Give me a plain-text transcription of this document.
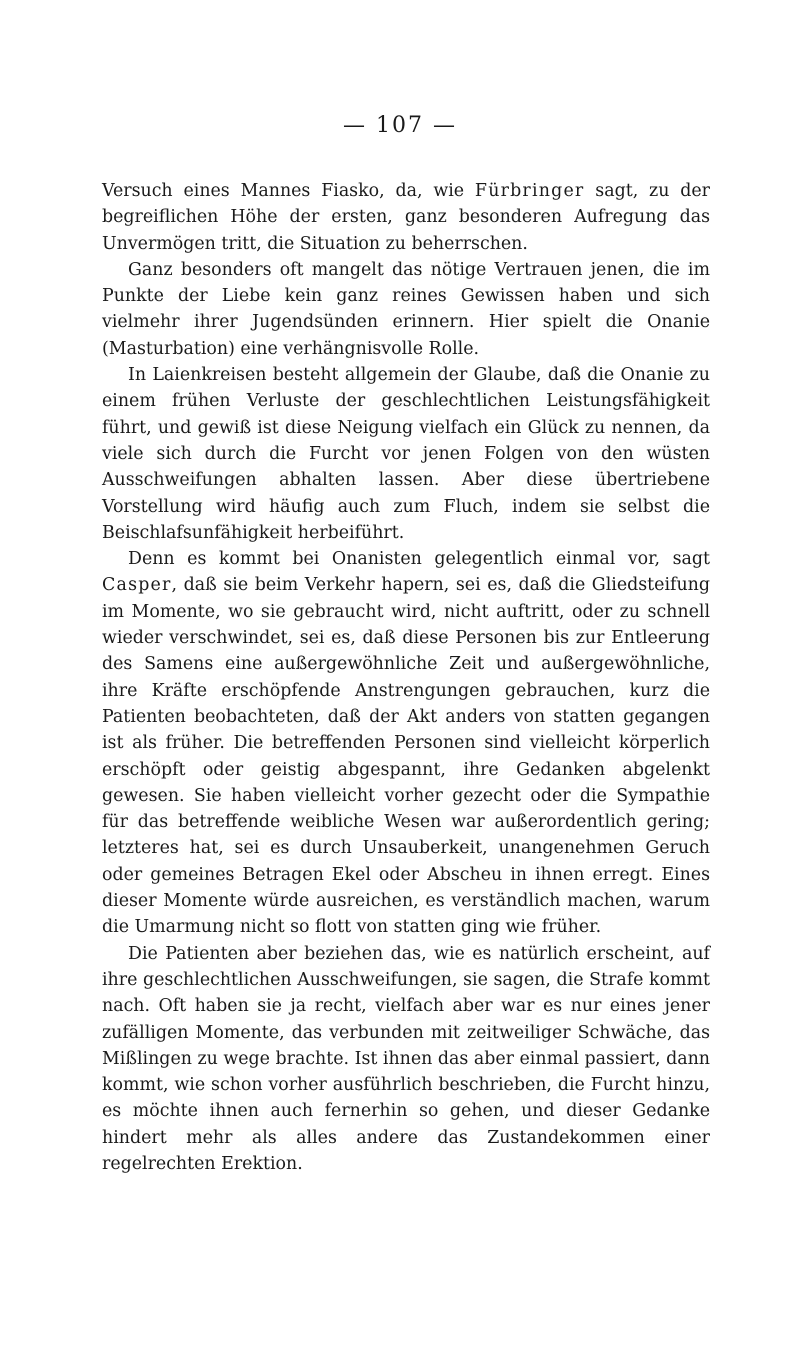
— 107 —

Versuch eines Mannes Fiasko, da, wie Fürbringer sagt, zu der begreiflichen Höhe der ersten, ganz besonderen Aufregung das Unvermögen tritt, die Situation zu beherrschen.

Ganz besonders oft mangelt das nötige Vertrauen jenen, die im Punkte der Liebe kein ganz reines Gewissen haben und sich vielmehr ihrer Jugendsünden erinnern. Hier spielt die Onanie (Masturbation) eine verhängnisvolle Rolle.

In Laienkreisen besteht allgemein der Glaube, daß die Onanie zu einem frühen Verluste der geschlechtlichen Leistungsfähigkeit führt, und gewiß ist diese Neigung vielfach ein Glück zu nennen, da viele sich durch die Furcht vor jenen Folgen von den wüsten Ausschweifungen abhalten lassen. Aber diese übertriebene Vorstellung wird häufig auch zum Fluch, indem sie selbst die Beischlafsunfähigkeit herbeiführt.

Denn es kommt bei Onanisten gelegentlich einmal vor, sagt Casper, daß sie beim Verkehr hapern, sei es, daß die Gliedsteifung im Momente, wo sie gebraucht wird, nicht auftritt, oder zu schnell wieder verschwindet, sei es, daß diese Personen bis zur Entleerung des Samens eine außergewöhnliche Zeit und außergewöhnliche, ihre Kräfte erschöpfende Anstrengungen gebrauchen, kurz die Patienten beobachteten, daß der Akt anders von statten gegangen ist als früher. Die betreffenden Personen sind vielleicht körperlich erschöpft oder geistig abgespannt, ihre Gedanken abgelenkt gewesen. Sie haben vielleicht vorher gezecht oder die Sympathie für das betreffende weibliche Wesen war außerordentlich gering; letzteres hat, sei es durch Unsauberkeit, unangenehmen Geruch oder gemeines Betragen Ekel oder Abscheu in ihnen erregt. Eines dieser Momente würde ausreichen, es verständlich machen, warum die Umarmung nicht so flott von statten ging wie früher.

Die Patienten aber beziehen das, wie es natürlich erscheint, auf ihre geschlechtlichen Ausschweifungen, sie sagen, die Strafe kommt nach. Oft haben sie ja recht, vielfach aber war es nur eines jener zufälligen Momente, das verbunden mit zeitweiliger Schwäche, das Mißlingen zu wege brachte. Ist ihnen das aber einmal passiert, dann kommt, wie schon vorher ausführlich beschrieben, die Furcht hinzu, es möchte ihnen auch fernerhin so gehen, und dieser Gedanke hindert mehr als alles andere das Zustandekommen einer regelrechten Erektion.
